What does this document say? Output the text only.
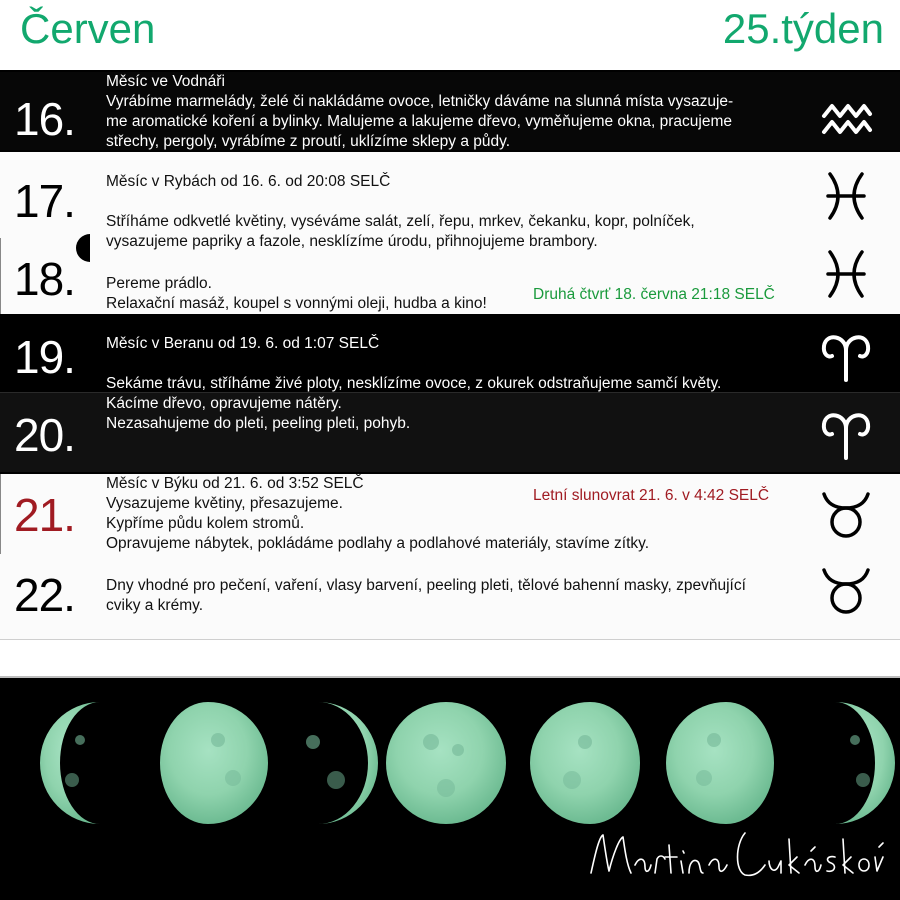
Červen	25.týden
16.
Měsíc ve Vodnáři
Vyrábíme marmelády, želé či nakládáme ovoce, letničky dáváme na slunná místa vysazuje-
me aromatické koření a bylinky. Malujeme a lakujeme dřevo, vyměňujeme okna, pracujeme
střechy, pergoly, vyrábíme z proutí, uklízíme sklepy a půdy.
17. Měsíc v Rybách od 16. 6. od 20:08 SELČ
Stříháme odkvetlé květiny, vyséváme salát, zelí, řepu, mrkev, čekanku, kopr, polníček,
vysazujeme papriky a fazole, nesklízíme úrodu, přihnojujeme brambory.
18. Pereme prádlo.
Relaxační masáž, koupel s vonnými oleji, hudba a kino!
Druhá čtvrť 18. června 21:18 SELČ
19. Měsíc v Beranu od 19. 6. od 1:07 SELČ
Sekáme trávu, stříháme živé ploty, nesklízíme ovoce, z okurek odstraňujeme samčí květy.
20.
Kácíme dřevo, opravujeme nátěry.
Nezasahujeme do pleti, peeling pleti, pohyb.
21.
Měsíc v Býku od 21. 6. od 3:52 SELČ
Vysazujeme květiny, přesazujeme.
Kypříme půdu kolem stromů.
Opravujeme nábytek, pokládáme podlahy a podlahové materiály, stavíme zítky.
Letní slunovrat 21. 6. v 4:42 SELČ
22. Dny vhodné pro pečení, vaření, vlasy barvení, peeling pleti, tělové bahenní masky, zpevňující
cviky a krémy.
